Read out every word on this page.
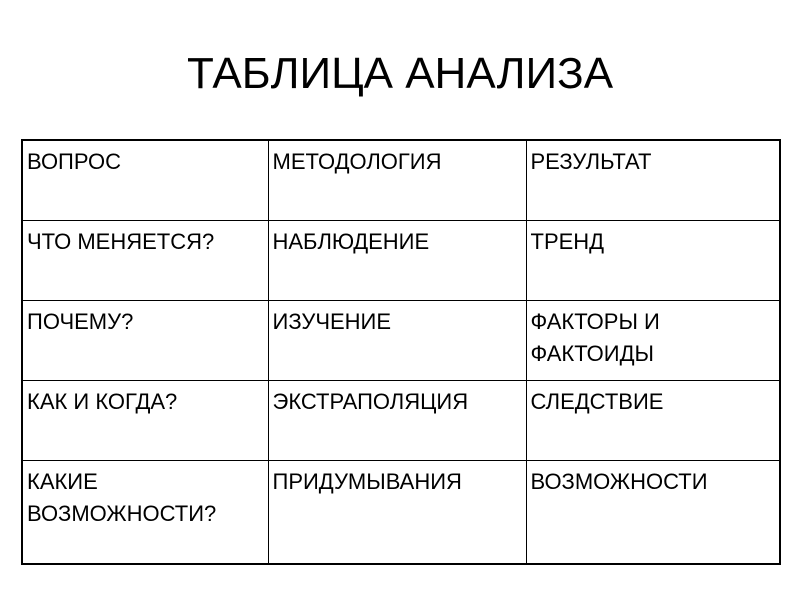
ТАБЛИЦА АНАЛИЗА
ВОПРОС	МЕТОДОЛОГИЯ	РЕЗУЛЬТАТ
ЧТО МЕНЯЕТСЯ?	НАБЛЮДЕНИЕ	ТРЕНД
ПОЧЕМУ?	ИЗУЧЕНИЕ	ФАКТОРЫ И ФАКТОИДЫ
КАК И КОГДА?	ЭКСТРАПОЛЯЦИЯ	СЛЕДСТВИЕ
КАКИЕ ВОЗМОЖНОСТИ?	ПРИДУМЫВАНИЯ	ВОЗМОЖНОСТИ
